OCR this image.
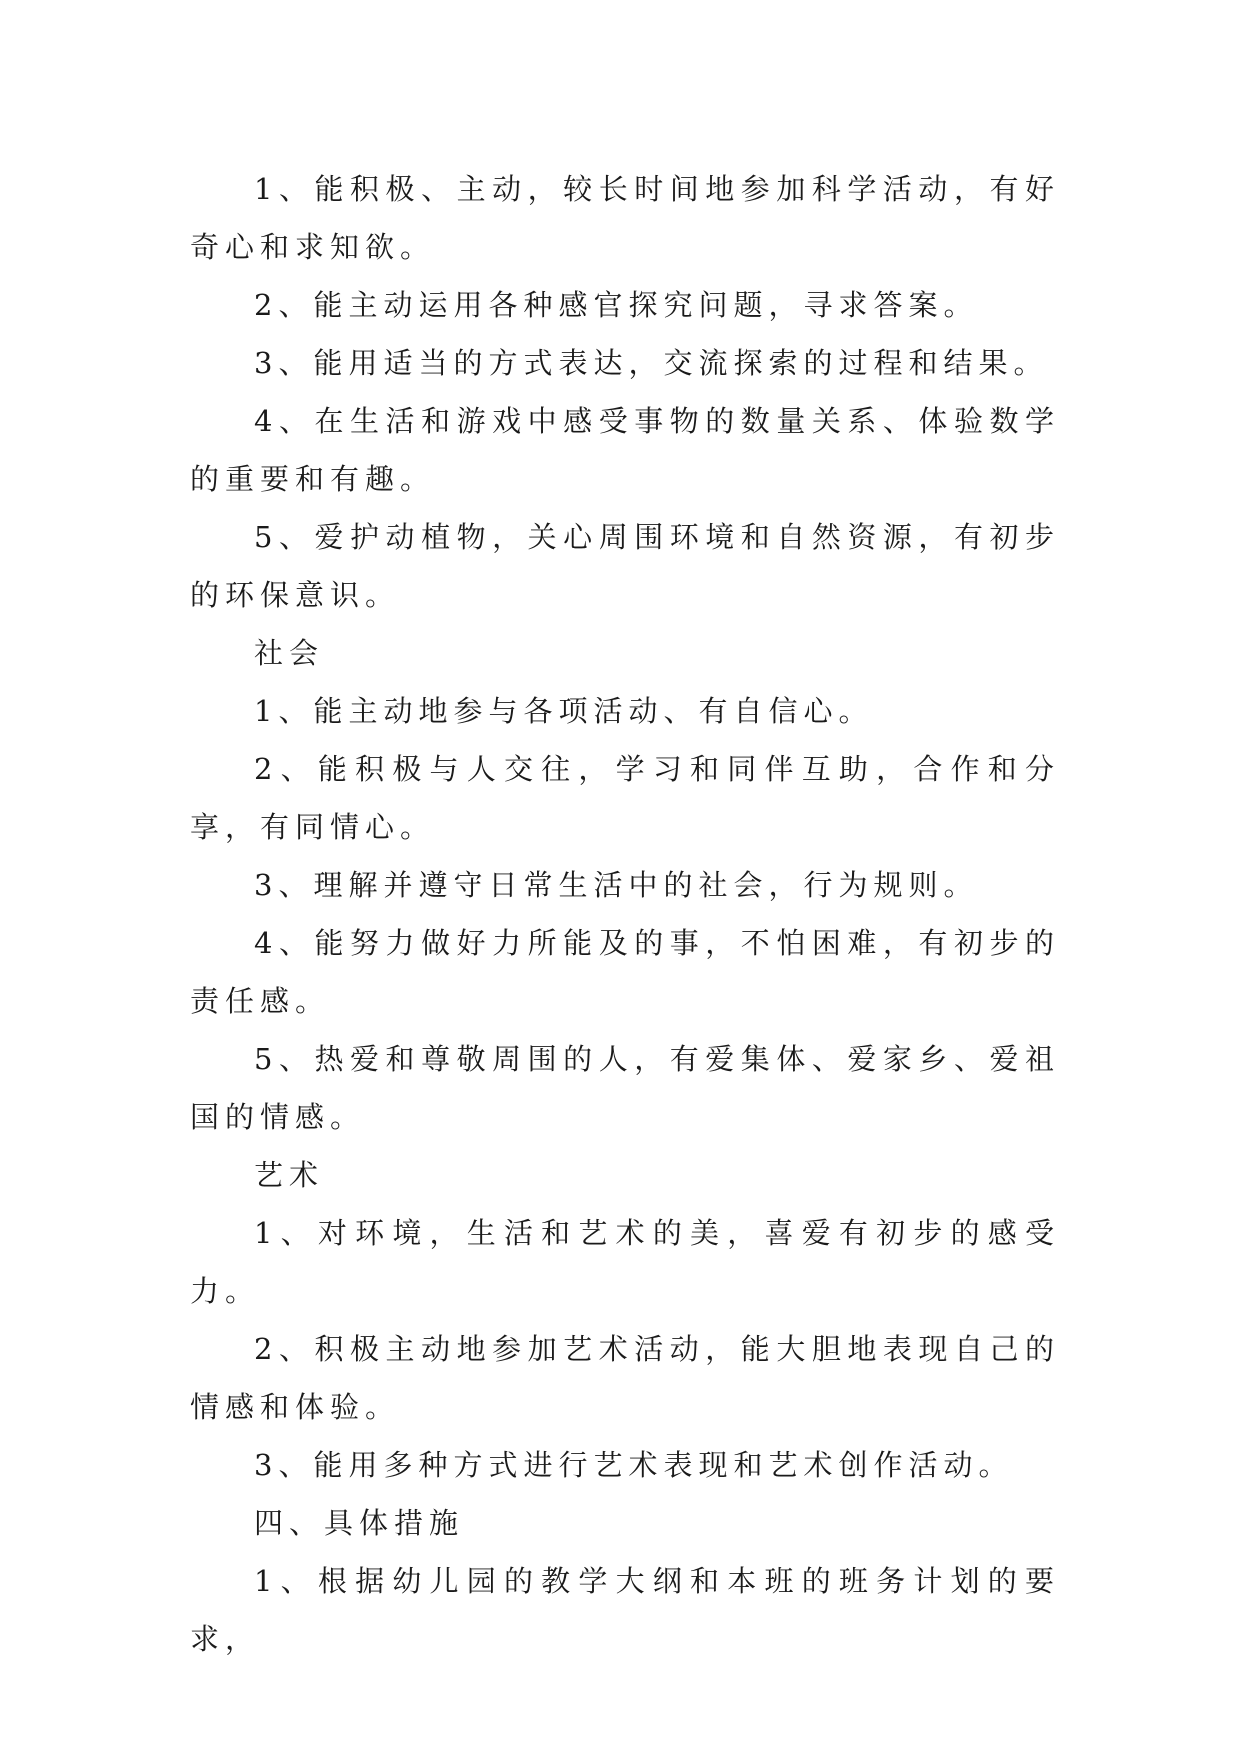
1、能积极、主动，较长时间地参加科学活动，有好奇心和求知欲。

2、能主动运用各种感官探究问题，寻求答案。

3、能用适当的方式表达，交流探索的过程和结果。

4、在生活和游戏中感受事物的数量关系、体验数学的重要和有趣。

5、爱护动植物，关心周围环境和自然资源，有初步的环保意识。

社会

1、能主动地参与各项活动、有自信心。

2、能积极与人交往，学习和同伴互助，合作和分享，有同情心。

3、理解并遵守日常生活中的社会，行为规则。

4、能努力做好力所能及的事，不怕困难，有初步的责任感。

5、热爱和尊敬周围的人，有爱集体、爱家乡、爱祖国的情感。

艺术

1、对环境，生活和艺术的美，喜爱有初步的感受力。

2、积极主动地参加艺术活动，能大胆地表现自己的情感和体验。

3、能用多种方式进行艺术表现和艺术创作活动。

四、具体措施

1、根据幼儿园的教学大纲和本班的班务计划的要求，
